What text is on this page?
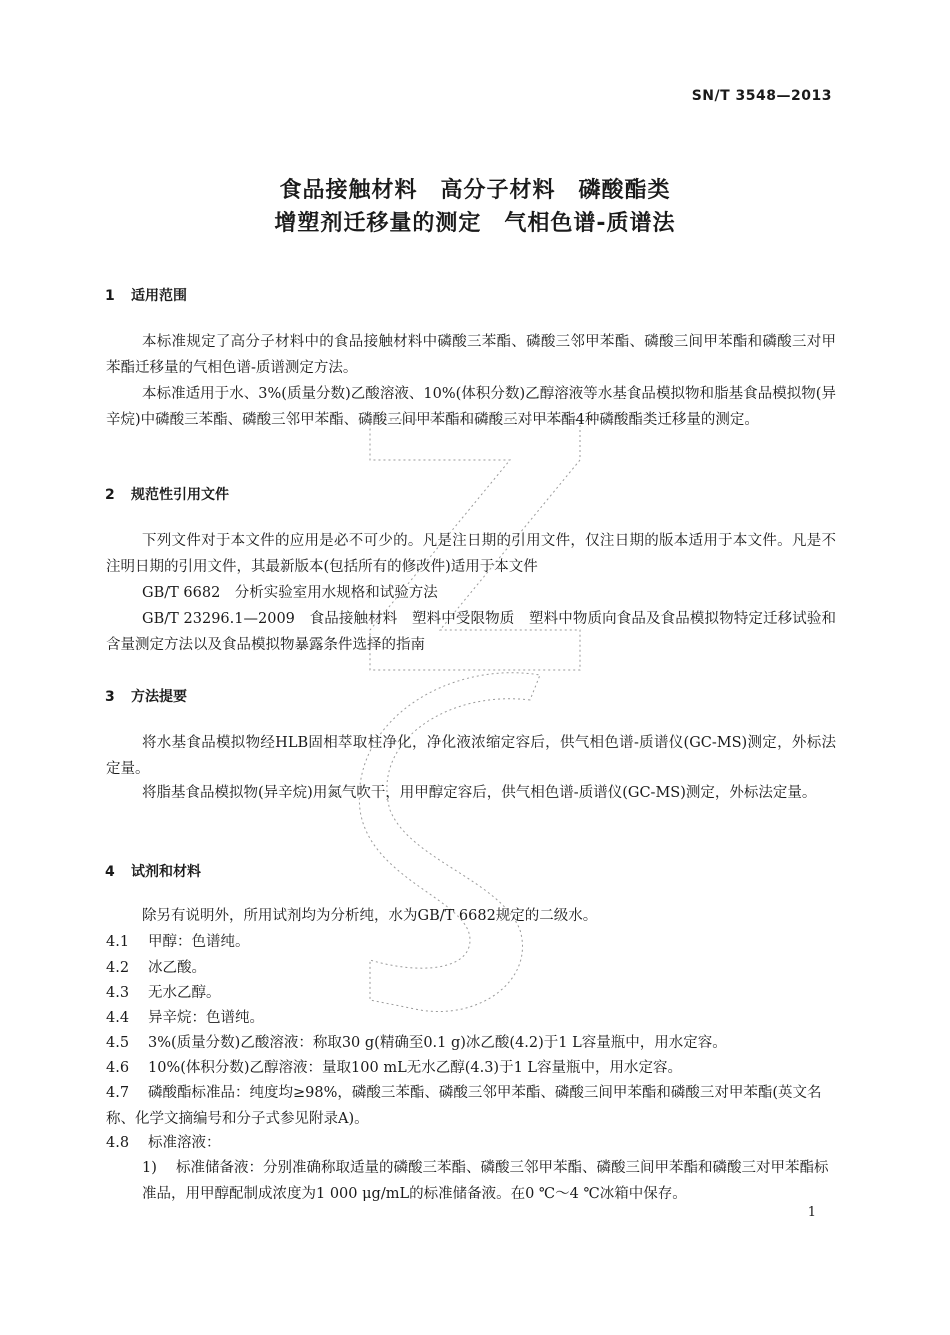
SN/T 3548—2013
食品接触材料　高分子材料　磷酸酯类
增塑剂迁移量的测定　气相色谱-质谱法
1 适用范围
本标准规定了高分子材料中的食品接触材料中磷酸三苯酯、磷酸三邻甲苯酯、磷酸三间甲苯酯和磷酸三对甲苯酯迁移量的气相色谱-质谱测定方法。
本标准适用于水、3%(质量分数)乙酸溶液、10%(体积分数)乙醇溶液等水基食品模拟物和脂基食品模拟物(异辛烷)中磷酸三苯酯、磷酸三邻甲苯酯、磷酸三间甲苯酯和磷酸三对甲苯酯4种磷酸酯类迁移量的测定。
2 规范性引用文件
下列文件对于本文件的应用是必不可少的。凡是注日期的引用文件，仅注日期的版本适用于本文件。凡是不注明日期的引用文件，其最新版本(包括所有的修改件)适用于本文件
GB/T 6682　分析实验室用水规格和试验方法
GB/T 23296.1—2009　食品接触材料　塑料中受限物质　塑料中物质向食品及食品模拟物特定迁移试验和含量测定方法以及食品模拟物暴露条件选择的指南
3 方法提要
将水基食品模拟物经HLB固相萃取柱净化，净化液浓缩定容后，供气相色谱-质谱仪(GC-MS)测定，外标法定量。
将脂基食品模拟物(异辛烷)用氮气吹干，用甲醇定容后，供气相色谱-质谱仪(GC-MS)测定，外标法定量。
4 试剂和材料
除另有说明外，所用试剂均为分析纯，水为GB/T 6682规定的二级水。
4.1 甲醇：色谱纯。
4.2 冰乙酸。
4.3 无水乙醇。
4.4 异辛烷：色谱纯。
4.5 3%(质量分数)乙酸溶液：称取30 g(精确至0.1 g)冰乙酸(4.2)于1 L容量瓶中，用水定容。
4.6 10%(体积分数)乙醇溶液：量取100 mL无水乙醇(4.3)于1 L容量瓶中，用水定容。
4.7 磷酸酯标准品：纯度均≥98%，磷酸三苯酯、磷酸三邻甲苯酯、磷酸三间甲苯酯和磷酸三对甲苯酯(英文名称、化学文摘编号和分子式参见附录A)。
4.8 标准溶液：
1) 标准储备液：分别准确称取适量的磷酸三苯酯、磷酸三邻甲苯酯、磷酸三间甲苯酯和磷酸三对甲苯酯标准品，用甲醇配制成浓度为1 000 μg/mL的标准储备液。在0 ℃～4 ℃冰箱中保存。
1
